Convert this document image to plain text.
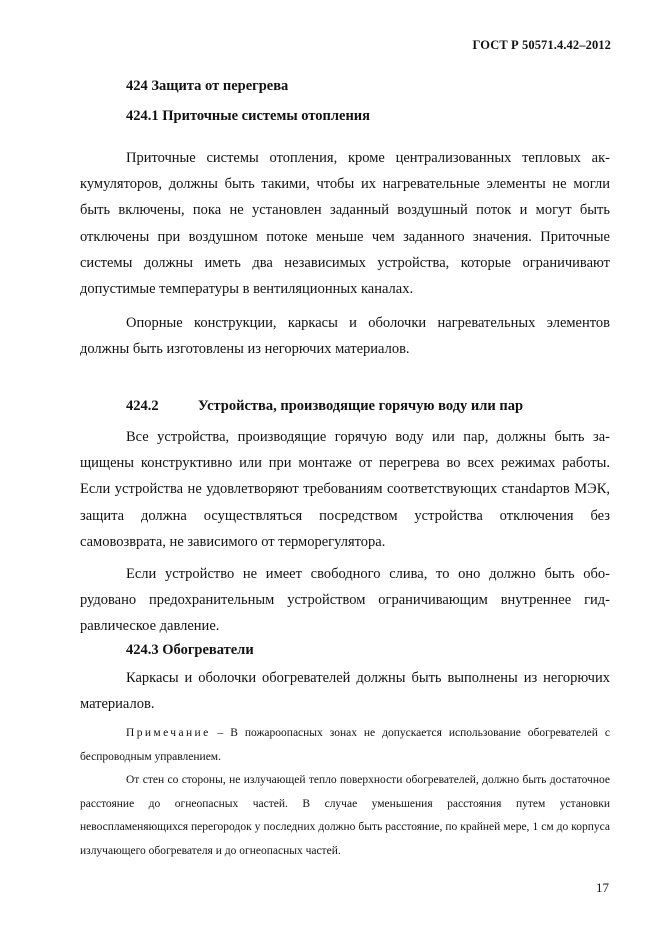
ГОСТ Р 50571.4.42–2012
424 Защита от перегрева
424.1 Приточные системы отопления

Приточные системы отопления, кроме централизованных тепловых аккумуляторов, должны быть такими, чтобы их нагревательные элементы не могли быть включены, пока не установлен заданный воздушный поток и могут быть отключены при воздушном потоке меньше чем заданного значения. Приточные системы должны иметь два независимых устройства, которые ограничивают допустимые температуры в вентиляционных каналах.

Опорные конструкции, каркасы и оболочки нагревательных элементов должны быть изготовлены из негорючих материалов.

424.2	Устройства, производящие горячую воду или пар

Все устройства, производящие горячую воду или пар, должны быть защищены конструктивно или при монтаже от перегрева во всех режимах работы. Если устройства не удовлетворяют требованиям соответствующих станdартов МЭК, защита должна осуществляться посредством устройства отключения без самовозврата, не зависимого от терморегулятора.

Если устройство не имеет свободного слива, то оно должно быть оборудовано предохранительным устройством ограничивающим внутреннее гидравлическое давление.

424.3 Обогреватели

Каркасы и оболочки обогревателей должны быть выполнены из негорючих материалов.

Примечание – В пожароопасных зонах не допускается использование обогревателей с беспроводным управлением.

От стен со стороны, не излучающей тепло поверхности обогревателей, должно быть достаточное расстояние до огнеопасных частей. В случае уменьшения расстояния путем установки невоспламеняющихся перегородок у последних должно быть расстояние, по крайней мере, 1 см до корпуса излучающего обогревателя и до огнеопасных частей.

17
